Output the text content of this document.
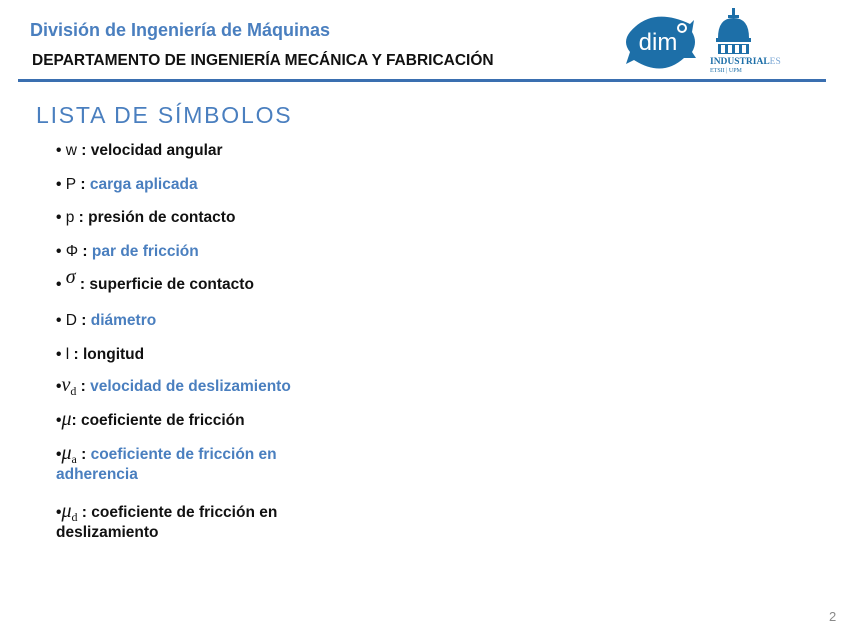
División de Ingeniería de Máquinas
DEPARTAMENTO DE INGENIERÍA MECÁNICA Y FABRICACIÓN
dim
INDUSTRIALES
ETSII | UPM
LISTA DE SÍMBOLOS
• w : velocidad angular
• P : carga aplicada
• p : presión de contacto
• Φ : par de fricción
• σ : superficie de contacto
• D : diámetro
• l : longitud
$•v_d$ : velocidad de deslizamiento
•μ: coeficiente de fricción
$•\mu_a$ : coeficiente de fricción en adherencia
$•\mu_d$ : coeficiente de fricción en deslizamiento
2
